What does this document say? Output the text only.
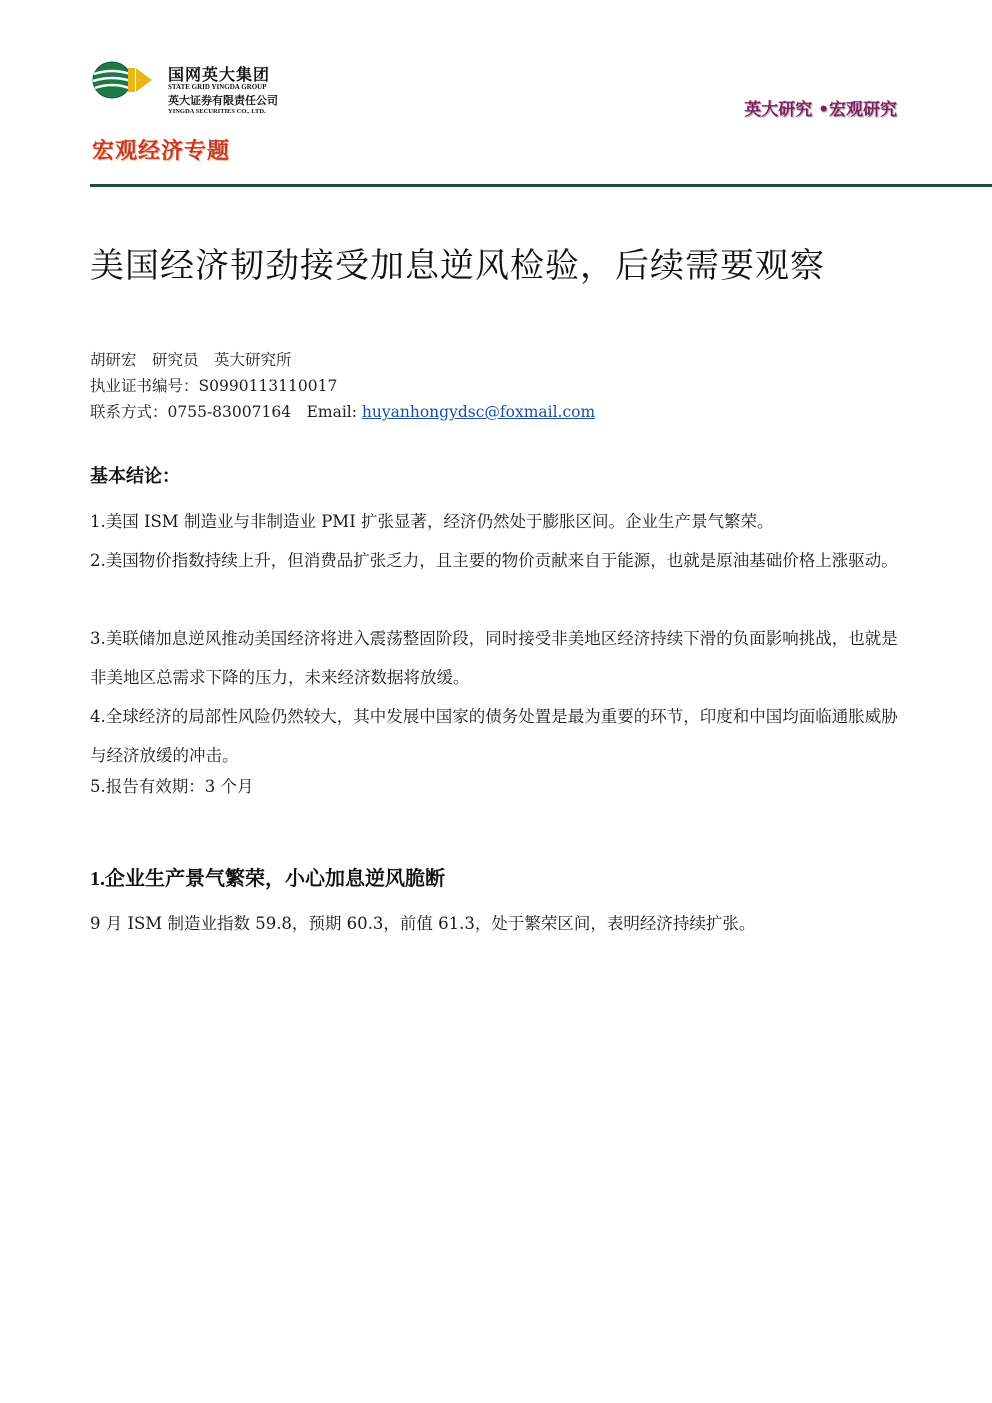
国网英大集团
STATE GRID YINGDA GROUP
英大证券有限责任公司
YINGDA SECURITIES CO., LTD.	英大研究 •宏观研究
宏观经济专题
美国经济韧劲接受加息逆风检验，后续需要观察
胡研宏　研究员　英大研究所
执业证书编号：S0990113110017
联系方式：0755-83007164　Email: huyanhongydsc@foxmail.com
基本结论：

1.美国 ISM 制造业与非制造业 PMI 扩张显著，经济仍然处于膨胀区间。企业生产景气繁荣。

2.美国物价指数持续上升，但消费品扩张乏力，且主要的物价贡献来自于能源，也就是原油基础价格上涨驱动。

3.美联储加息逆风推动美国经济将进入震荡整固阶段，同时接受非美地区经济持续下滑的负面影响挑战，也就是非美地区总需求下降的压力，未来经济数据将放缓。

4.全球经济的局部性风险仍然较大，其中发展中国家的债务处置是最为重要的环节，印度和中国均面临通胀威胁与经济放缓的冲击。

5.报告有效期：3 个月

1.企业生产景气繁荣，小心加息逆风脆断

9 月 ISM 制造业指数 59.8，预期 60.3，前值 61.3，处于繁荣区间，表明经济持续扩张。
